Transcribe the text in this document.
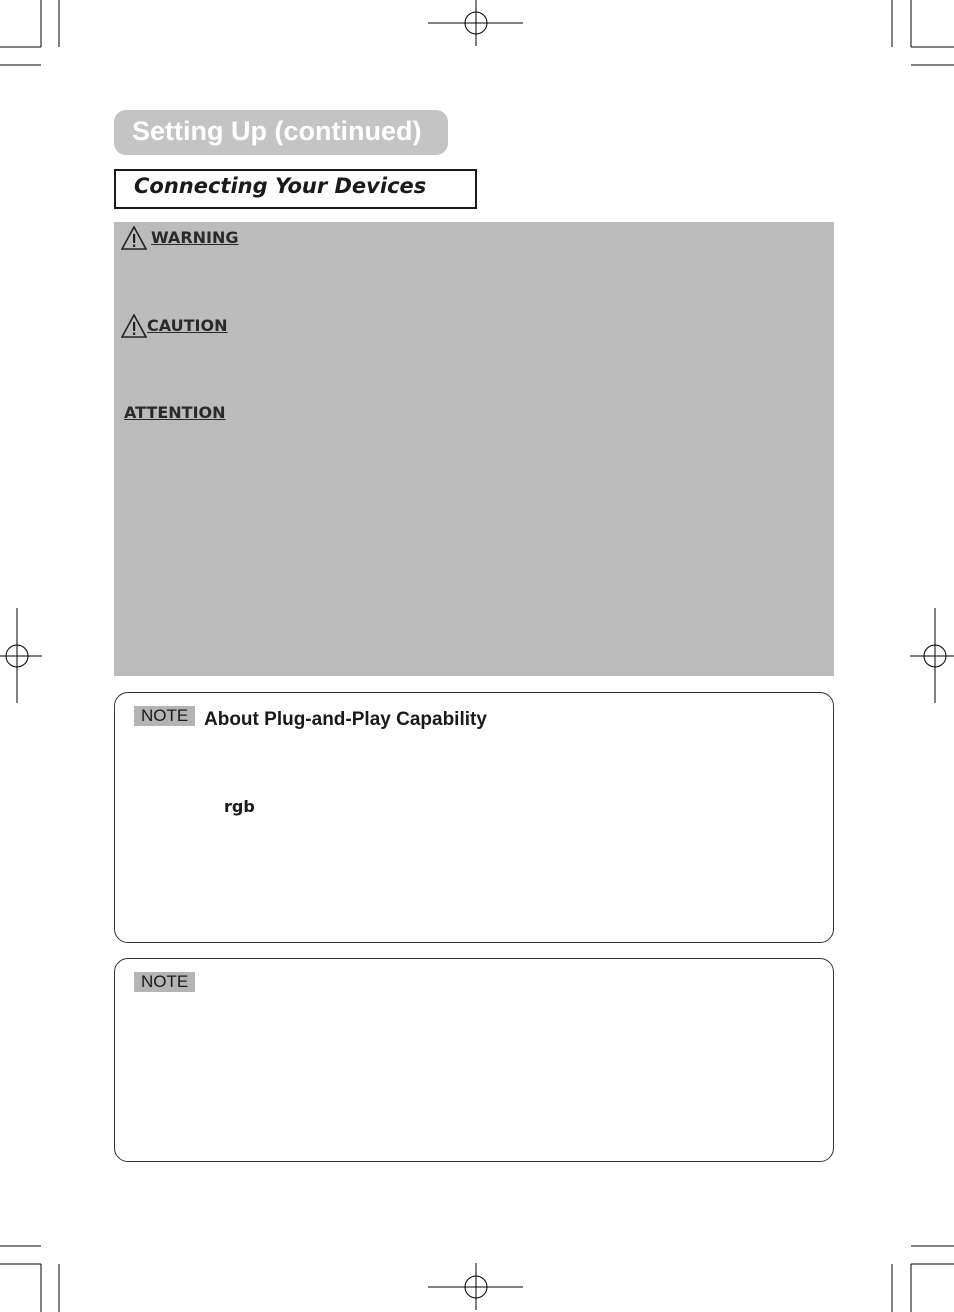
Setting Up (continued)
Connecting Your Devices
WARNING
CAUTION
ATTENTION
NOTE About Plug-and-Play Capability
rgb
NOTE
